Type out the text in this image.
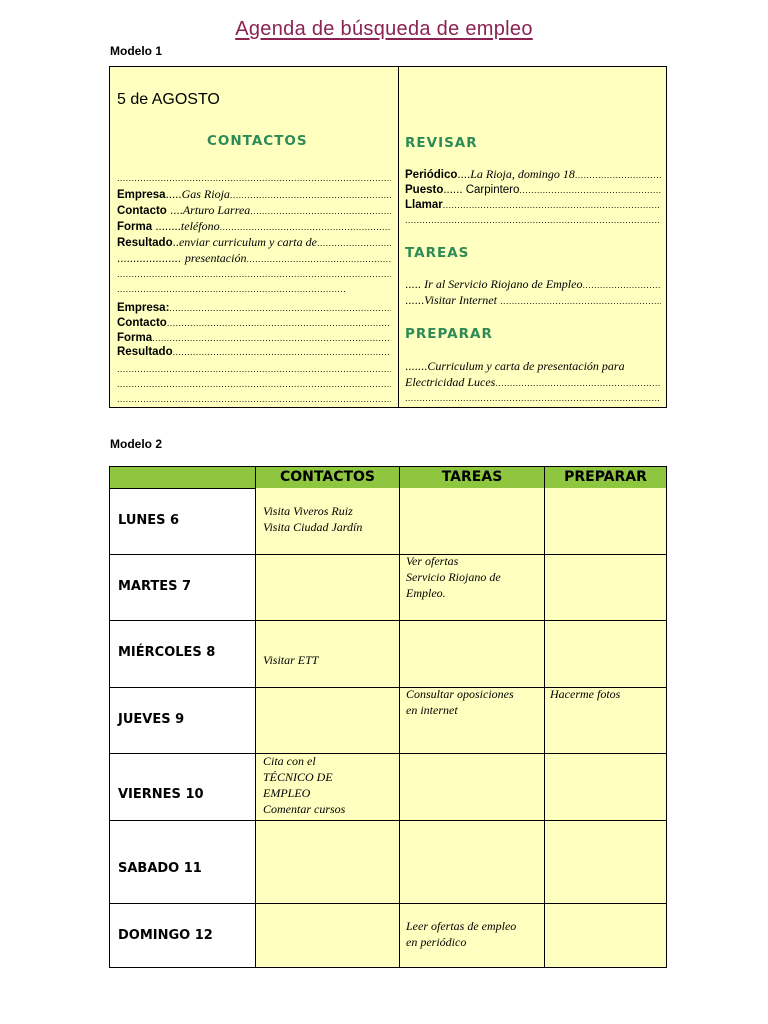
Agenda de búsqueda de empleo
Modelo 1
5 de AGOSTO
CONTACTOS
.....
Empresa.....Gas Rioja .....
Contacto ....Arturo Larrea .....
Forma ........teléfono .....
Resultado..enviar curriculum y carta de .....
.................... presentación .....
.....
.....
Empresa: .....
Contacto .....
Forma .....
Resultado .....
.....
.....
.....
REVISAR
Periódico....La Rioja, domingo 18 .....
Puesto...... Carpintero .....
Llamar .....
.....
TAREAS
..... Ir al Servicio Riojano de Empleo .....
......Visitar Internet .....
PREPARAR
.......Curriculum y carta de presentación para
Electricidad Luces .....
.....
Modelo 2
CONTACTOS	TAREAS	PREPARAR
LUNES 6
MARTES 7
MIÉRCOLES 8
JUEVES 9
VIERNES 10
SABADO 11
DOMINGO 12
Visita Viveros Ruiz
Visita Ciudad Jardín
Ver ofertas
Servicio Riojano de
Empleo.
Visitar ETT
Consultar oposiciones
en internet
Hacerme fotos
Cita con el
TÉCNICO DE
EMPLEO
Comentar cursos
Leer ofertas de empleo
en periódico
